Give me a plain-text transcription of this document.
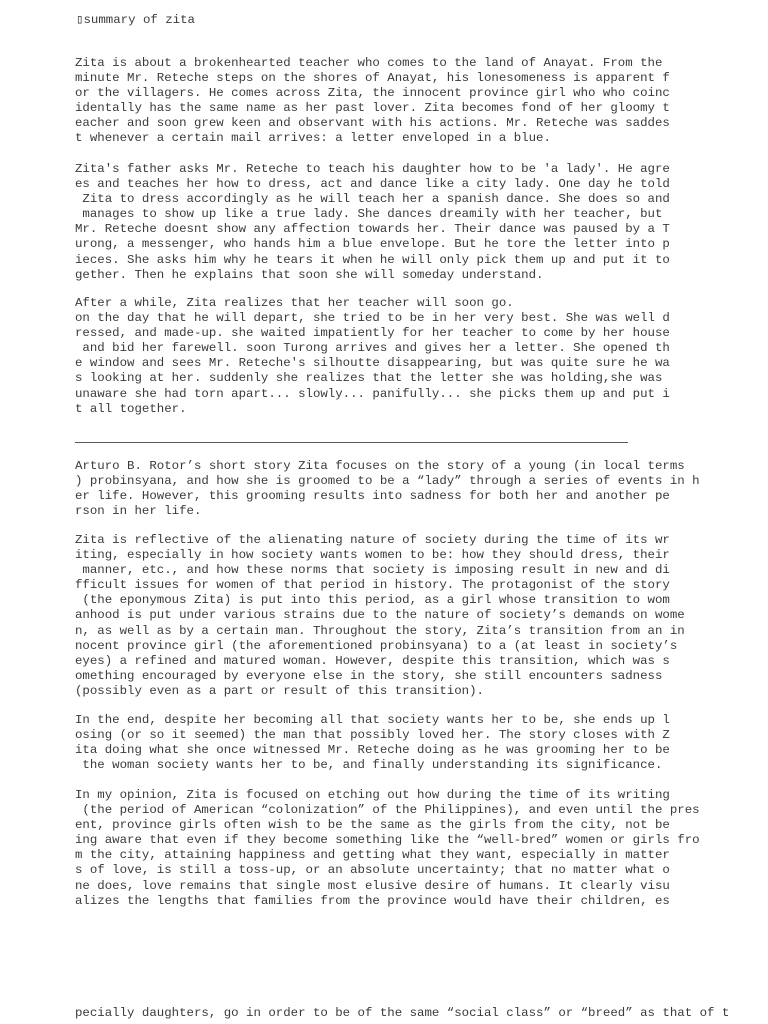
▯summary of zita
Zita is about a brokenhearted teacher who comes to the land of Anayat. From the
minute Mr. Reteche steps on the shores of Anayat, his lonesomeness is apparent f
or the villagers. He comes across Zita, the innocent province girl who who coinc
identally has the same name as her past lover. Zita becomes fond of her gloomy t
eacher and soon grew keen and observant with his actions. Mr. Reteche was saddes
t whenever a certain mail arrives: a letter enveloped in a blue.
Zita's father asks Mr. Reteche to teach his daughter how to be 'a lady'. He agre
es and teaches her how to dress, act and dance like a city lady. One day he told
Zita to dress accordingly as he will teach her a spanish dance. She does so and
manages to show up like a true lady. She dances dreamily with her teacher, but
Mr. Reteche doesnt show any affection towards her. Their dance was paused by a T
urong, a messenger, who hands him a blue envelope. But he tore the letter into p
ieces. She asks him why he tears it when he will only pick them up and put it to
gether. Then he explains that soon she will someday understand.
After a while, Zita realizes that her teacher will soon go.
on the day that he will depart, she tried to be in her very best. She was well d
ressed, and made-up. she waited impatiently for her teacher to come by her house
and bid her farewell. soon Turong arrives and gives her a letter. She opened th
e window and sees Mr. Reteche's silhoutte disappearing, but was quite sure he wa
s looking at her. suddenly she realizes that the letter she was holding,she was
unaware she had torn apart... slowly... panifully... she picks them up and put i
t all together.
Arturo B. Rotor’s short story Zita focuses on the story of a young (in local terms
) probinsyana, and how she is groomed to be a “lady” through a series of events in h
er life. However, this grooming results into sadness for both her and another pe
rson in her life.
Zita is reflective of the alienating nature of society during the time of its wr
iting, especially in how society wants women to be: how they should dress, their
manner, etc., and how these norms that society is imposing result in new and di
fficult issues for women of that period in history. The protagonist of the story
(the eponymous Zita) is put into this period, as a girl whose transition to wom
anhood is put under various strains due to the nature of society’s demands on wome
n, as well as by a certain man. Throughout the story, Zita’s transition from an in
nocent province girl (the aforementioned probinsyana) to a (at least in society’s
eyes) a refined and matured woman. However, despite this transition, which was s
omething encouraged by everyone else in the story, she still encounters sadness
(possibly even as a part or result of this transition).
In the end, despite her becoming all that society wants her to be, she ends up l
osing (or so it seemed) the man that possibly loved her. The story closes with Z
ita doing what she once witnessed Mr. Reteche doing as he was grooming her to be
the woman society wants her to be, and finally understanding its significance.
In my opinion, Zita is focused on etching out how during the time of its writing
(the period of American “colonization” of the Philippines), and even until the pres
ent, province girls often wish to be the same as the girls from the city, not be
ing aware that even if they become something like the “well-bred” women or girls fro
m the city, attaining happiness and getting what they want, especially in matter
s of love, is still a toss-up, or an absolute uncertainty; that no matter what o
ne does, love remains that single most elusive desire of humans. It clearly visu
alizes the lengths that families from the province would have their children, es
pecially daughters, go in order to be of the same “social class” or “breed” as that of t
